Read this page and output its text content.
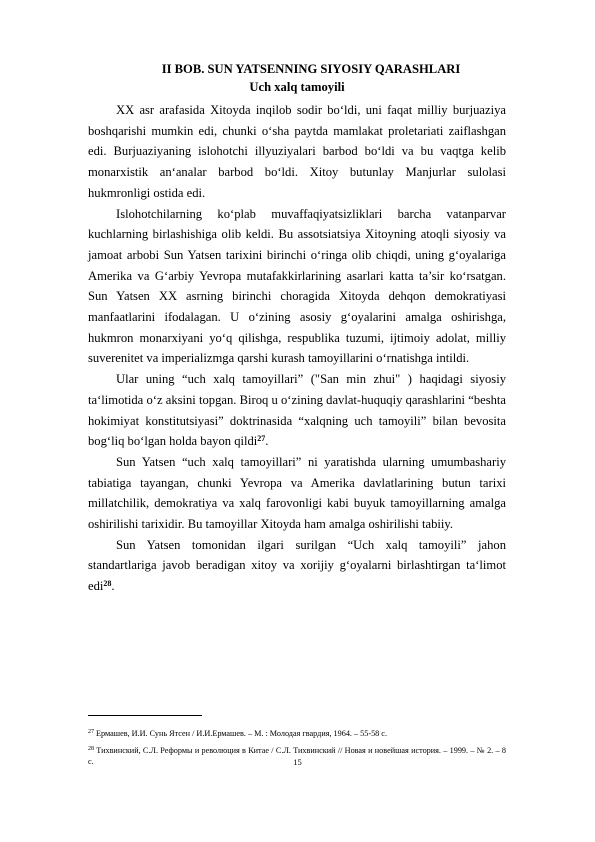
II BOB. SUN YATSENNING SIYOSIY QARASHLARI
Uch xalq tamoyili

XX asr arafasida Xitoyda inqilob sodir bo‘ldi, uni faqat milliy burjuaziya boshqarishi mumkin edi, chunki o‘sha paytda mamlakat proletariati zaiflashgan edi. Burjuaziyaning islohotchi illyuziyalari barbod bo‘ldi va bu vaqtga kelib monarxistik an‘analar barbod bo‘ldi. Xitoy butunlay Manjurlar sulolasi hukmronligi ostida edi.

Islohotchilarning ko‘plab muvaffaqiyatsizliklari barcha vatanparvar kuchlarning birlashishiga olib keldi. Bu assotsiatsiya Xitoyning atoqli siyosiy va jamoat arbobi Sun Yatsen tarixini birinchi o‘ringa olib chiqdi, uning g‘oyalariga Amerika va G‘arbiy Yevropa mutafakkirlarining asarlari katta ta’sir ko‘rsatgan. Sun Yatsen XX asrning birinchi choragida Xitoyda dehqon demokratiyasi manfaatlarini ifodalagan. U o‘zining asosiy g‘oyalarini amalga oshirishga, hukmron monarxiyani yo‘q qilishga, respublika tuzumi, ijtimoiy adolat, milliy suverenitet va imperializmga qarshi kurash tamoyillarini o‘rnatishga intildi.

Ular uning “uch xalq tamoyillari” ("San min zhui" ) haqidagi siyosiy ta‘limotida o‘z aksini topgan. Biroq u o‘zining davlat-huquqiy qarashlarini “beshta hokimiyat konstitutsiyasi” doktrinasida “xalqning uch tamoyili” bilan bevosita bog‘liq bo‘lgan holda bayon qildi$^{27}$.

Sun Yatsen “uch xalq tamoyillari” ni yaratishda ularning umumbashariy tabiatiga tayangan, chunki Yevropa va Amerika davlatlarining butun tarixi millatchilik, demokratiya va xalq farovonligi kabi buyuk tamoyillarning amalga oshirilishi tarixidir. Bu tamoyillar Xitoyda ham amalga oshirilishi tabiiy.

Sun Yatsen tomonidan ilgari surilgan “Uch xalq tamoyili” jahon standartlariga javob beradigan xitoy va xorijiy g‘oyalarni birlashtirgan ta‘limot edi$^{28}$.

$^{27}$ Ермашев, И.И. Сунь Ятсен / И.И.Ермашев. – М. : Молодая гвардия, 1964. – 55-58 с.

$^{28}$ Тихвинский, С.Л. Реформы и революция в Китае / С.Л. Тихвинский // Новая и новейшая история. – 1999. – № 2. – 8 с.	15
